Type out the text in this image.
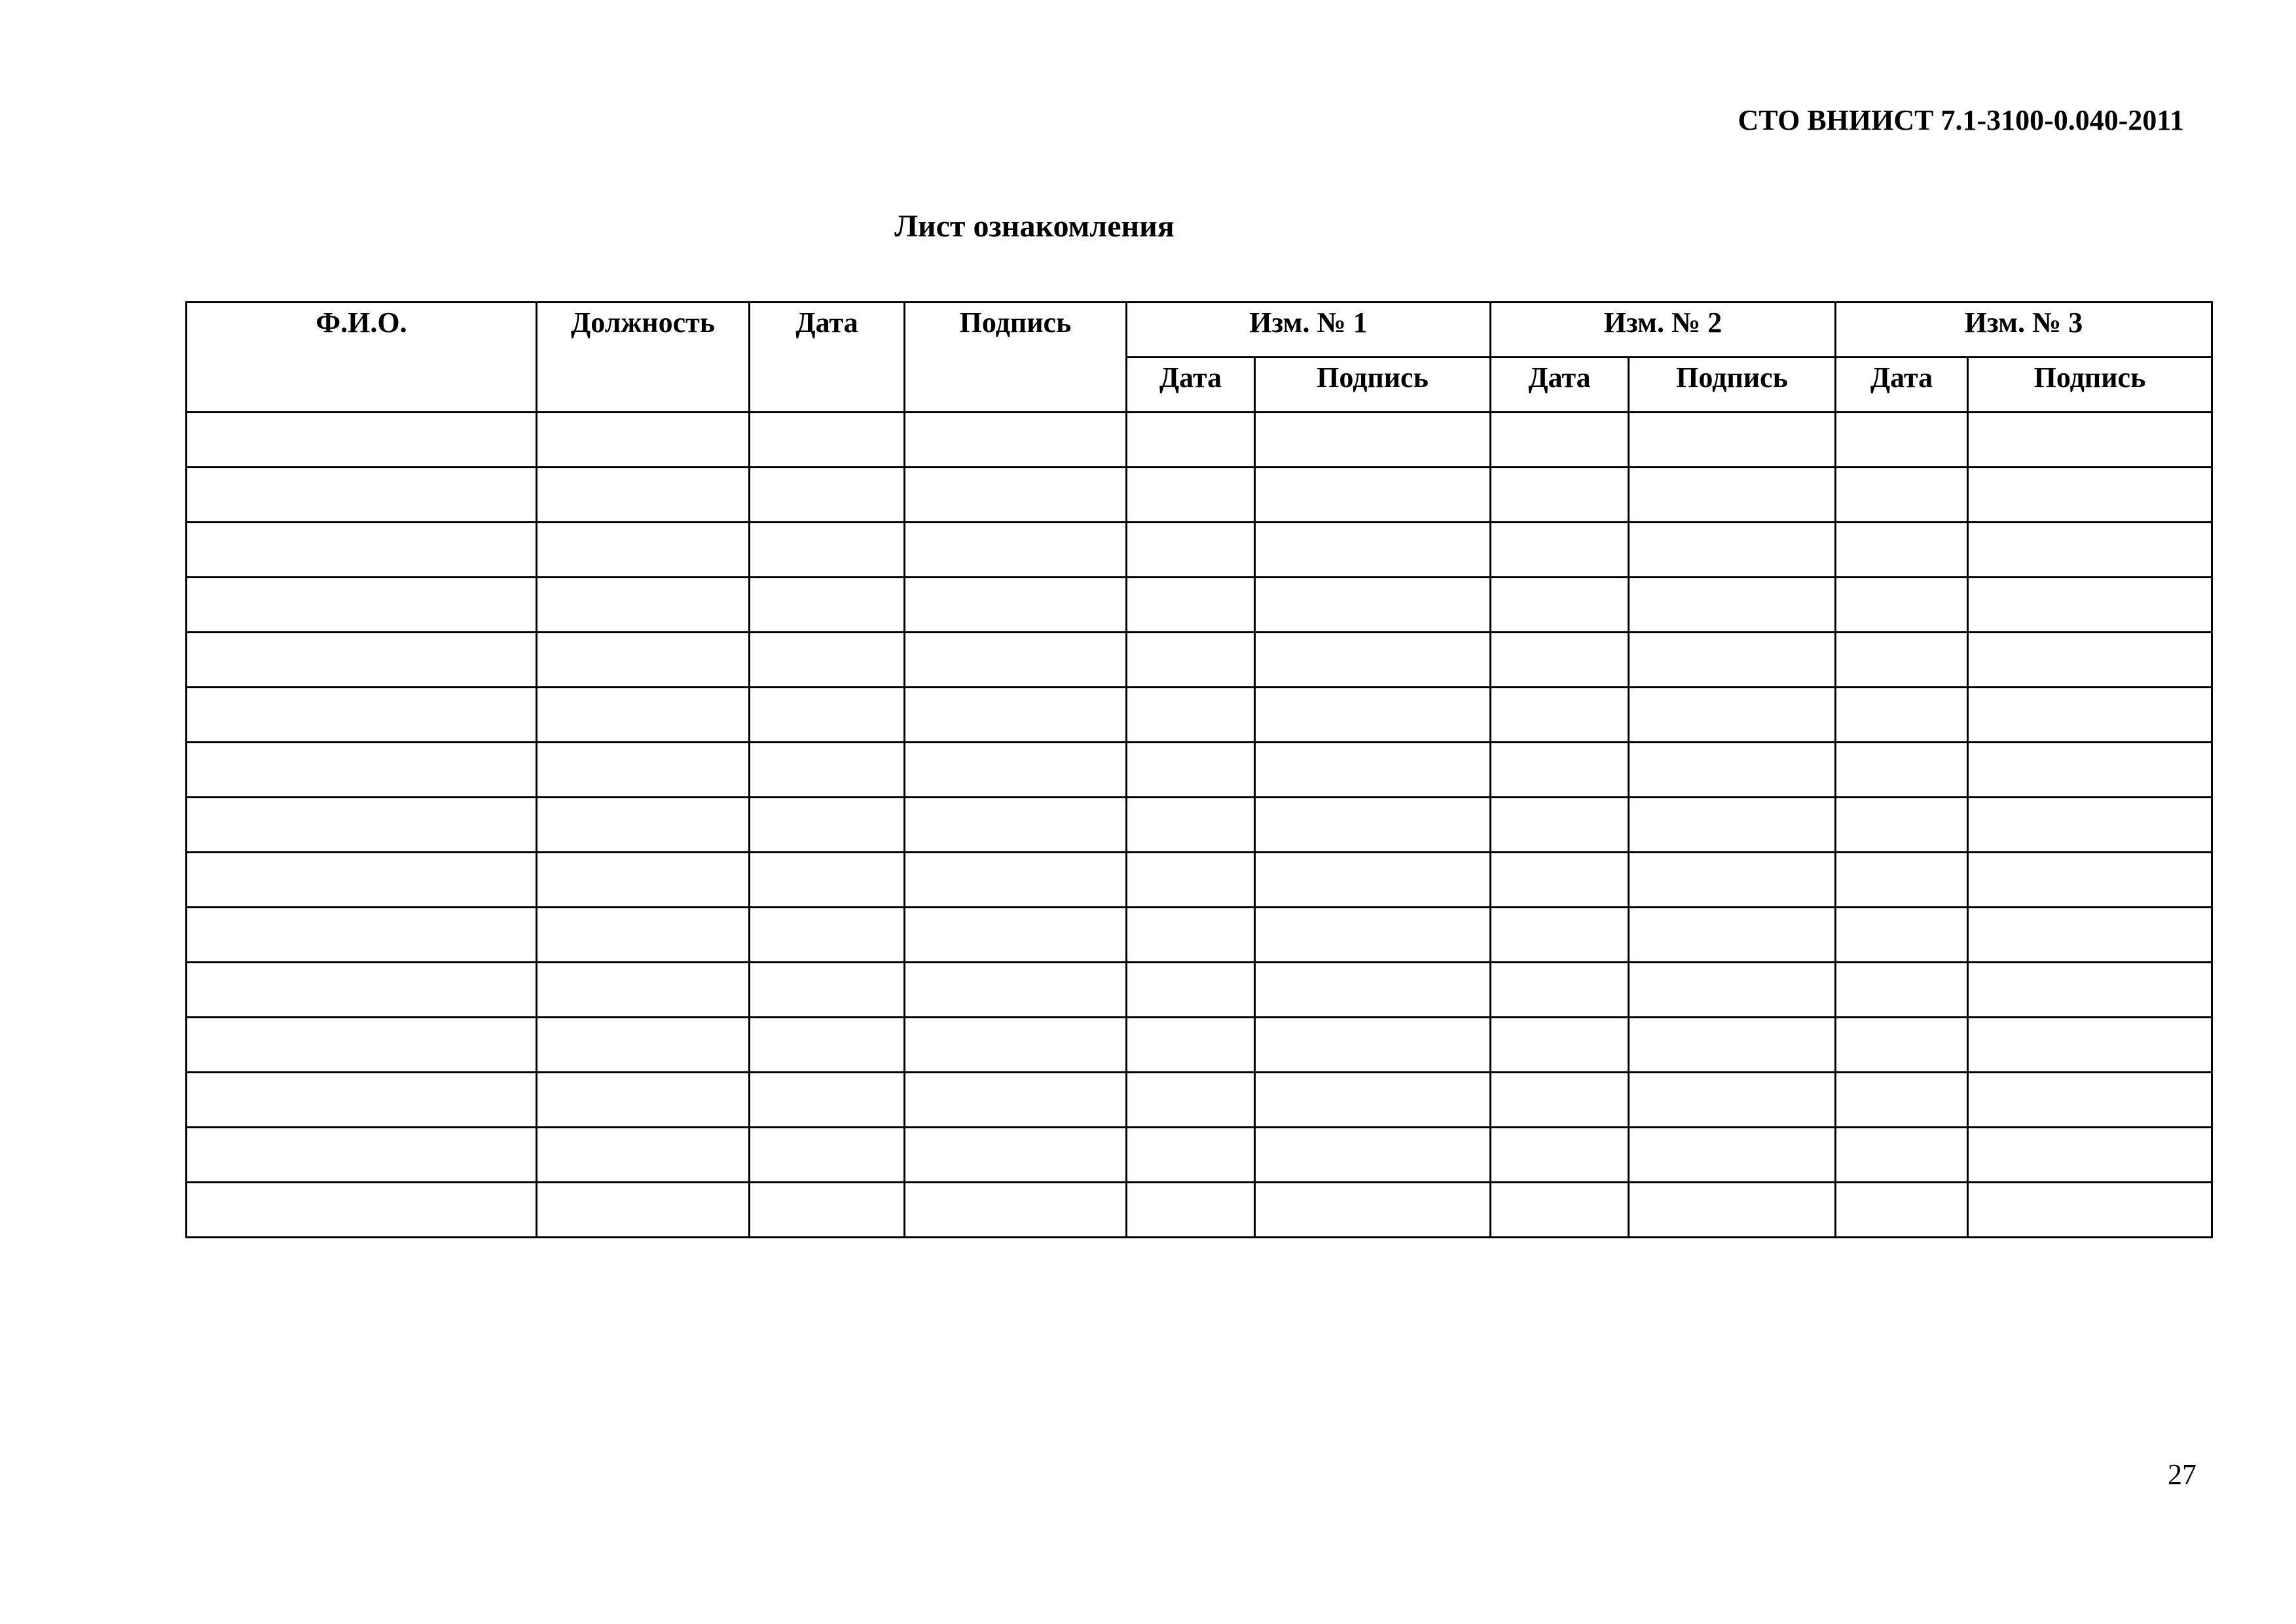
СТО ВНИИСТ 7.1-3100-0.040-2011
Лист ознакомления
Ф.И.О.	Должность	Дата	Подпись	Изм. № 1		Изм. № 2		Изм. № 3	
				Дата	Подпись	Дата	Подпись	Дата	Подпись

27
